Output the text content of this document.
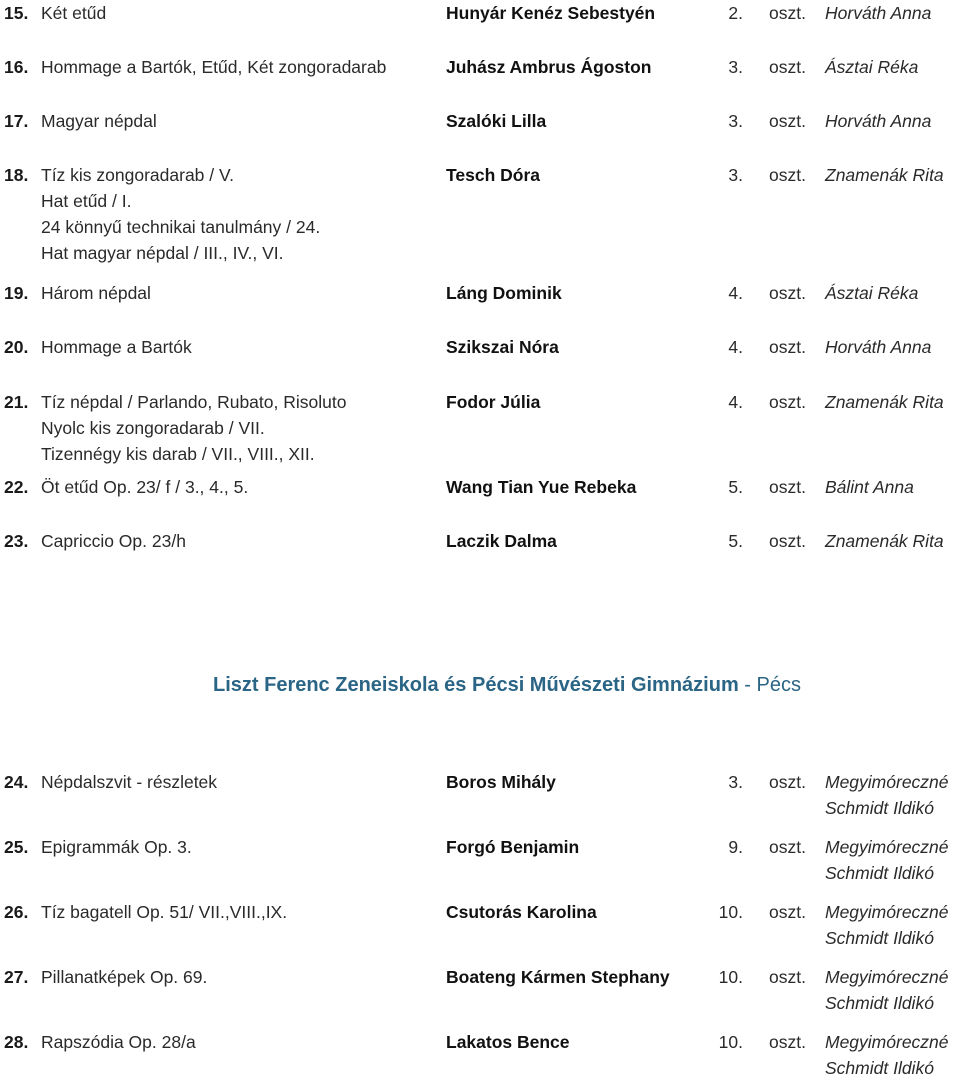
15. Két etűd	Hunyár Kenéz Sebestyén	2. oszt. Horváth Anna
16. Hommage a Bartók, Etűd, Két zongoradarab	Juhász Ambrus Ágoston	3. oszt. Ásztai Réka
17. Magyar népdal	Szalóki Lilla	3. oszt. Horváth Anna
18. Tíz kis zongoradarab / V.
Hat etűd / I.
24 könnyű technikai tanulmány / 24.
Hat magyar népdal / III., IV., VI.
Tesch Dóra	3. oszt. Znamenák Rita
19. Három népdal	Láng Dominik	4. oszt. Ásztai Réka
20. Hommage a Bartók	Szikszai Nóra	4. oszt. Horváth Anna
21. Tíz népdal / Parlando, Rubato, Risoluto
Nyolc kis zongoradarab / VII.
Tizennégy kis darab / VII., VIII., XII.
Fodor Júlia	4. oszt. Znamenák Rita
22. Öt etűd Op. 23/ f / 3., 4., 5.	Wang Tian Yue Rebeka	5. oszt. Bálint Anna
23. Capriccio Op. 23/h	Laczik Dalma	5. oszt. Znamenák Rita
Liszt Ferenc Zeneiskola és Pécsi Művészeti Gimnázium - Pécs
24. Népdalszvit - részletek	Boros Mihály	3. oszt. Megyimóreczné
Schmidt Ildikó
25. Epigrammák Op. 3.	Forgó Benjamin	9. oszt. Megyimóreczné
Schmidt Ildikó
26. Tíz bagatell Op. 51/ VII.,VIII.,IX.	Csutorás Karolina	10. oszt. Megyimóreczné
Schmidt Ildikó
27. Pillanatképek Op. 69.	Boateng Kármen Stephany	10. oszt. Megyimóreczné
Schmidt Ildikó
28. Rapszódia Op. 28/a	Lakatos Bence	10. oszt. Megyimóreczné
Schmidt Ildikó
